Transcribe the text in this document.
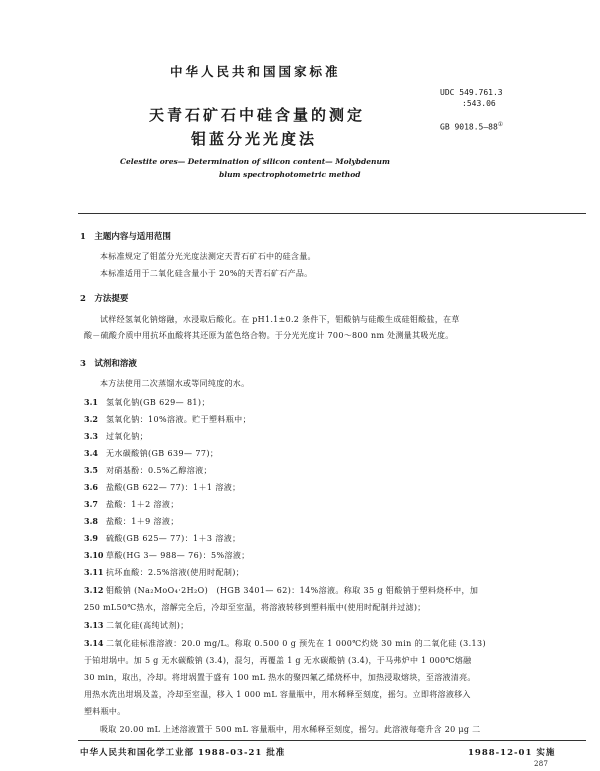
中华人民共和国国家标准
UDC 549.761.3
:543.06
GB 9018.5—88①
天青石矿石中硅含量的测定
钼蓝分光光度法
Celestite ores— Determination of silicon content— Molybdenum
blum spectrophotometric method
1　主题内容与适用范围
本标准规定了钼蓝分光光度法测定天青石矿石中的硅含量。
本标准适用于二氧化硅含量小于 20%的天青石矿石产品。
2　方法提要
试样经氢氧化钠熔融，水浸取后酸化。在 pH1.1±0.2 条件下，钼酸钠与硅酸生成硅钼酸盐，在草
酸－硫酸介质中用抗坏血酸将其还原为蓝色络合物。于分光光度计 700～800 nm 处测量其吸光度。
3　试剂和溶液
本方法使用二次蒸馏水或等同纯度的水。
3.1 氢氧化钠(GB 629— 81)；
3.2 氢氧化钠：10%溶液。贮于塑料瓶中；
3.3 过氧化钠；
3.4 无水碳酸钠(GB 639— 77)；
3.5 对硝基酚：0.5%乙醇溶液；
3.6 盐酸(GB 622— 77)：1＋1 溶液；
3.7 盐酸：1＋2 溶液；
3.8 盐酸：1＋9 溶液；
3.9 硫酸(GB 625— 77)：1＋3 溶液；
3.10 草酸(HG 3— 988— 76)：5%溶液；
3.11 抗坏血酸：2.5%溶液(使用时配制)；
3.12 钼酸钠 (Na₂MoO₄·2H₂O)　(HGB 3401— 62)：14%溶液。称取 35 g 钼酸钠于塑料烧杯中，加
250 mL50℃热水，溶解完全后，冷却至室温，将溶液转移到塑料瓶中(使用时配制并过滤)；
3.13 二氧化硅(高纯试剂)；
3.14 二氧化硅标准溶液：20.0 mg/L。称取 0.500 0 g 预先在 1 000℃灼烧 30 min 的二氧化硅 (3.13)
于铂坩埚中。加 5 g 无水碳酸钠 (3.4)，混匀，再覆盖 1 g 无水碳酸钠 (3.4)，于马弗炉中 1 000℃熔融
30 min，取出，冷却。将坩埚置于盛有 100 mL 热水的聚四氟乙烯烧杯中，加热浸取熔块，至溶液清亮。
用热水洗出坩埚及盖，冷却至室温，移入 1 000 mL 容量瓶中，用水稀释至刻度，摇匀。立即将溶液移入
塑料瓶中。
吸取 20.00 mL 上述溶液置于 500 mL 容量瓶中，用水稀释至刻度，摇匀。此溶液每毫升含 20 μg 二
中华人民共和国化学工业部 1988-03-21 批准	1988-12-01 实施
287
